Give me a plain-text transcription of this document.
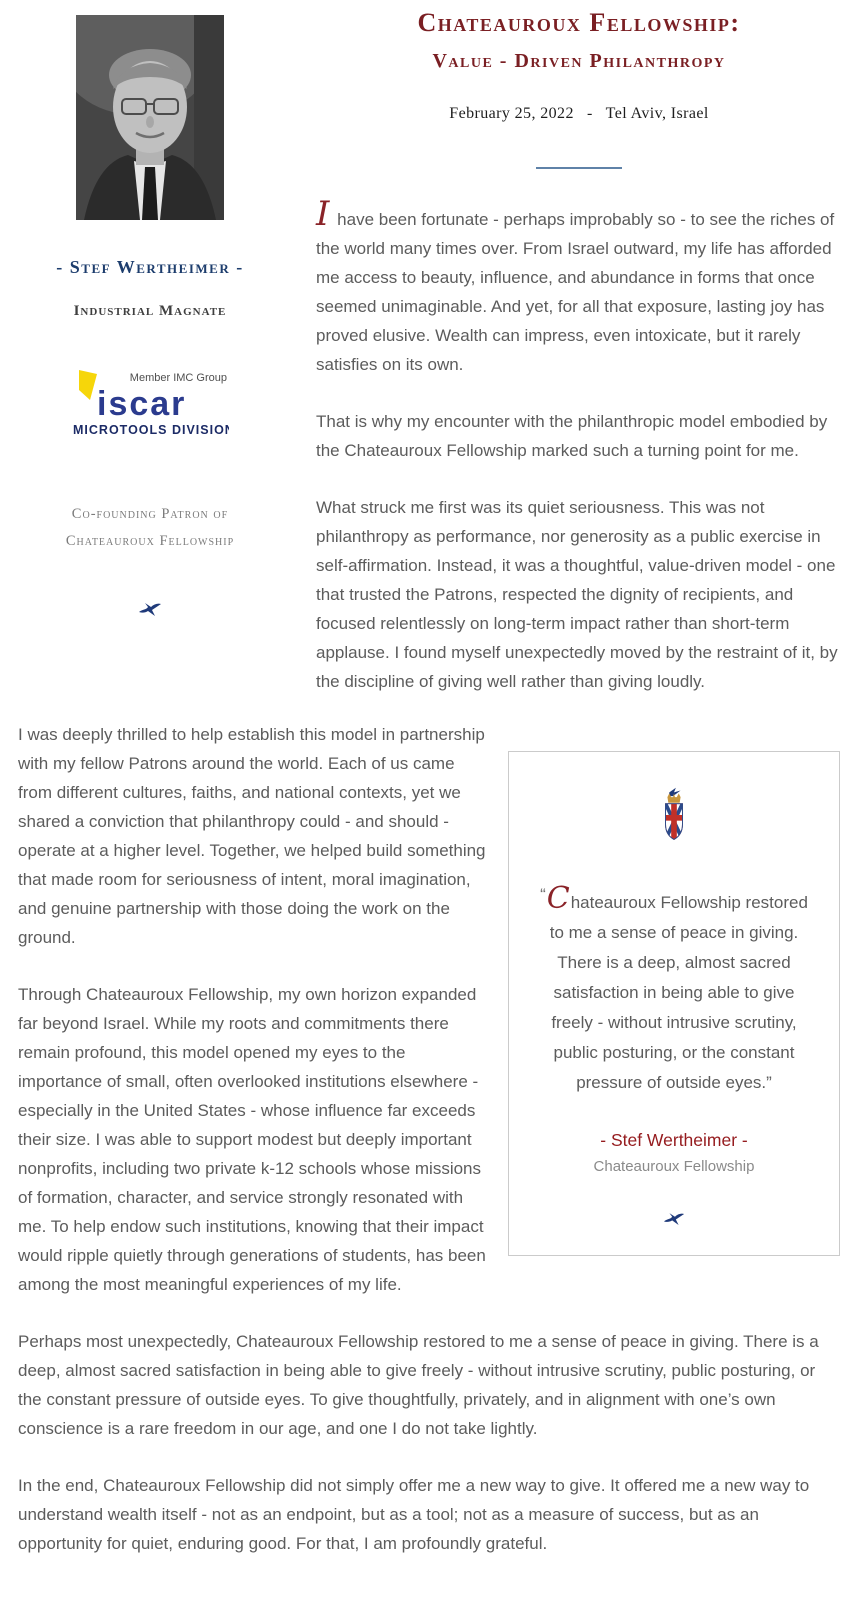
- Stef Wertheimer -
Industrial Magnate
Member IMC Group
iscar
MICROTOOLS DIVISION
Co-founding Patron of
Chateauroux Fellowship
Chateauroux Fellowship:
Value - Driven Philanthropy
February 25, 2022   -   Tel Aviv, Israel

I have been fortunate - perhaps improbably so - to see the riches of the world many times over. From Israel outward, my life has afforded me access to beauty, influence, and abundance in forms that once seemed unimaginable. And yet, for all that exposure, lasting joy has proved elusive. Wealth can impress, even intoxicate, but it rarely satisfies on its own.

That is why my encounter with the philanthropic model embodied by the Chateauroux Fellowship marked such a turning point for me.

What struck me first was its quiet seriousness. This was not philanthropy as performance, nor generosity as a public exercise in self-affirmation. Instead, it was a thoughtful, value-driven model - one that trusted the Patrons, respected the dignity of recipients, and focused relentlessly on long-term impact rather than short-term applause. I found myself unexpectedly moved by the restraint of it, by the discipline of giving well rather than giving loudly.

“Chateauroux Fellowship restored to me a sense of peace in giving. There is a deep, almost sacred satisfaction in being able to give freely - without intrusive scrutiny, public posturing, or the constant pressure of outside eyes.”

- Stef Wertheimer -
Chateauroux Fellowship

I was deeply thrilled to help establish this model in partnership with my fellow Patrons around the world. Each of us came from different cultures, faiths, and national contexts, yet we shared a conviction that philanthropy could - and should - operate at a higher level. Together, we helped build something that made room for seriousness of intent, moral imagination, and genuine partnership with those doing the work on the ground.

Through Chateauroux Fellowship, my own horizon expanded far beyond Israel. While my roots and commitments there remain profound, this model opened my eyes to the importance of small, often overlooked institutions elsewhere - especially in the United States - whose influence far exceeds their size. I was able to support modest but deeply important nonprofits, including two private k-12 schools whose missions of formation, character, and service strongly resonated with me. To help endow such institutions, knowing that their impact would ripple quietly through generations of students, has been among the most meaningful experiences of my life.

Perhaps most unexpectedly, Chateauroux Fellowship restored to me a sense of peace in giving. There is a deep, almost sacred satisfaction in being able to give freely - without intrusive scrutiny, public posturing, or the constant pressure of outside eyes. To give thoughtfully, privately, and in alignment with one’s own conscience is a rare freedom in our age, and one I do not take lightly.

In the end, Chateauroux Fellowship did not simply offer me a new way to give. It offered me a new way to understand wealth itself - not as an endpoint, but as a tool; not as a measure of success, but as an opportunity for quiet, enduring good. For that, I am profoundly grateful.
